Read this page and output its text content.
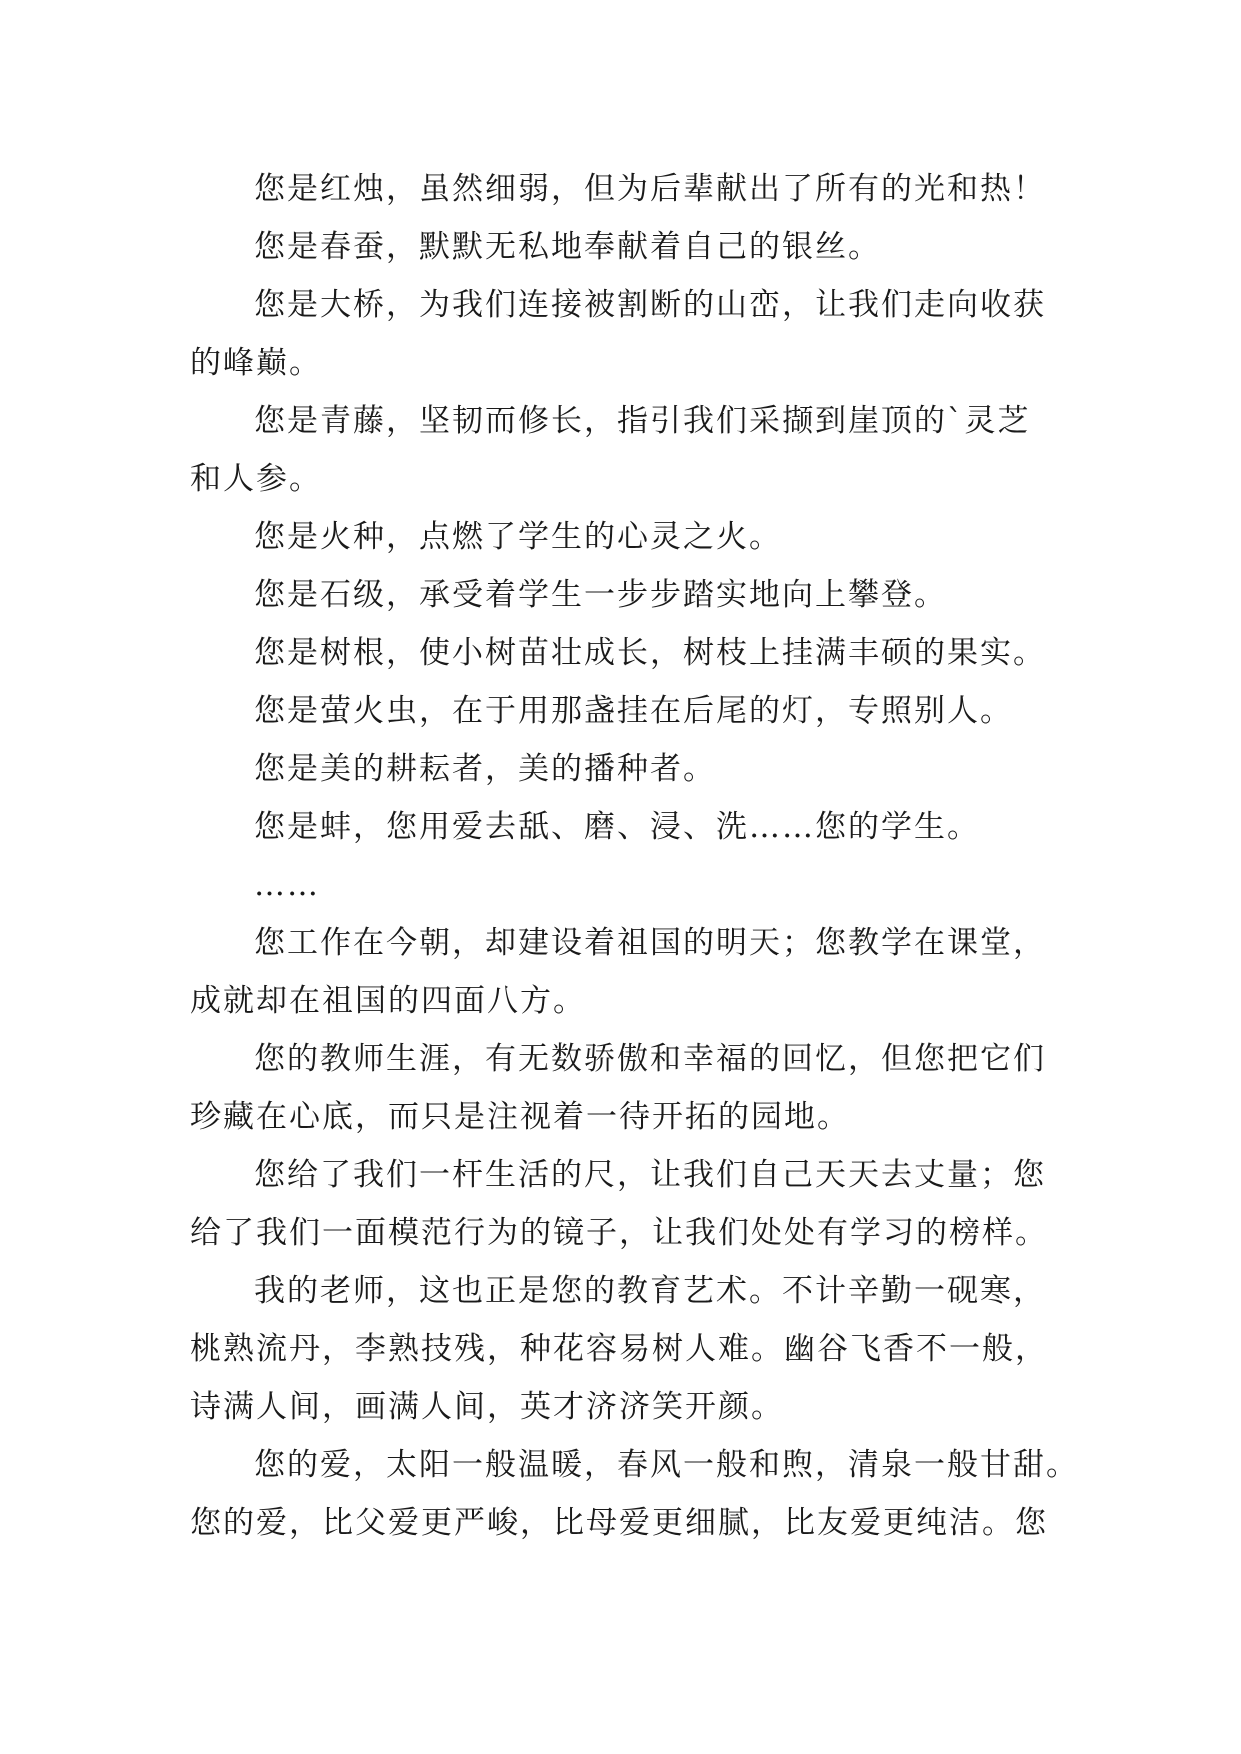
您是红烛，虽然细弱，但为后辈献出了所有的光和热！
您是春蚕，默默无私地奉献着自己的银丝。
您是大桥，为我们连接被割断的山峦，让我们走向收获
的峰巅。
您是青藤，坚韧而修长，指引我们采撷到崖顶的`灵芝
和人参。
您是火种，点燃了学生的心灵之火。
您是石级，承受着学生一步步踏实地向上攀登。
您是树根，使小树苗壮成长，树枝上挂满丰硕的果实。
您是萤火虫，在于用那盏挂在后尾的灯，专照别人。
您是美的耕耘者，美的播种者。
您是蚌，您用爱去舐、磨、浸、洗……您的学生。
……
您工作在今朝，却建设着祖国的明天；您教学在课堂，
成就却在祖国的四面八方。
您的教师生涯，有无数骄傲和幸福的回忆，但您把它们
珍藏在心底，而只是注视着一待开拓的园地。
您给了我们一杆生活的尺，让我们自己天天去丈量；您
给了我们一面模范行为的镜子，让我们处处有学习的榜样。
我的老师，这也正是您的教育艺术。不计辛勤一砚寒，
桃熟流丹，李熟技残，种花容易树人难。幽谷飞香不一般，
诗满人间，画满人间，英才济济笑开颜。
您的爱，太阳一般温暖，春风一般和煦，清泉一般甘甜。
您的爱，比父爱更严峻，比母爱更细腻，比友爱更纯洁。您
